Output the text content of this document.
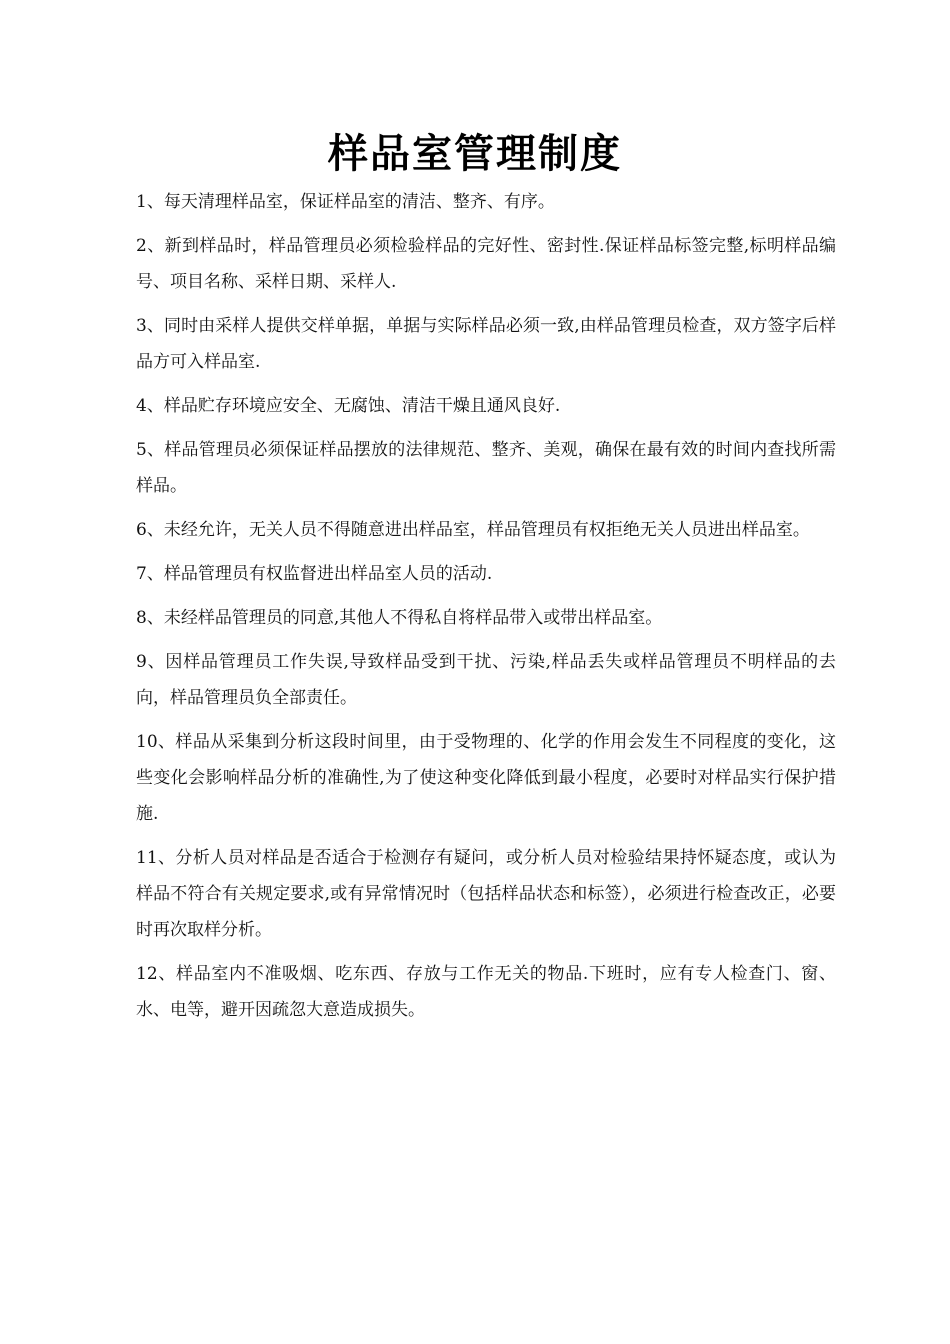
样品室管理制度
1、每天清理样品室，保证样品室的清洁、整齐、有序。
2、新到样品时，样品管理员必须检验样品的完好性、密封性.保证样品标签完整,标明样品编号、项目名称、采样日期、采样人.
3、同时由采样人提供交样单据，单据与实际样品必须一致,由样品管理员检查，双方签字后样品方可入样品室.
4、样品贮存环境应安全、无腐蚀、清洁干燥且通风良好.
5、样品管理员必须保证样品摆放的法律规范、整齐、美观，确保在最有效的时间内查找所需样品。
6、未经允许，无关人员不得随意进出样品室，样品管理员有权拒绝无关人员进出样品室。
7、样品管理员有权监督进出样品室人员的活动.
8、未经样品管理员的同意,其他人不得私自将样品带入或带出样品室。
9、因样品管理员工作失误,导致样品受到干扰、污染,样品丢失或样品管理员不明样品的去向，样品管理员负全部责任。
10、样品从采集到分析这段时间里，由于受物理的、化学的作用会发生不同程度的变化，这些变化会影响样品分析的准确性,为了使这种变化降低到最小程度，必要时对样品实行保护措施.
11、分析人员对样品是否适合于检测存有疑问，或分析人员对检验结果持怀疑态度，或认为样品不符合有关规定要求,或有异常情况时（包括样品状态和标签），必须进行检查改正，必要时再次取样分析。
12、样品室内不准吸烟、吃东西、存放与工作无关的物品.下班时，应有专人检查门、窗、水、电等，避开因疏忽大意造成损失。
